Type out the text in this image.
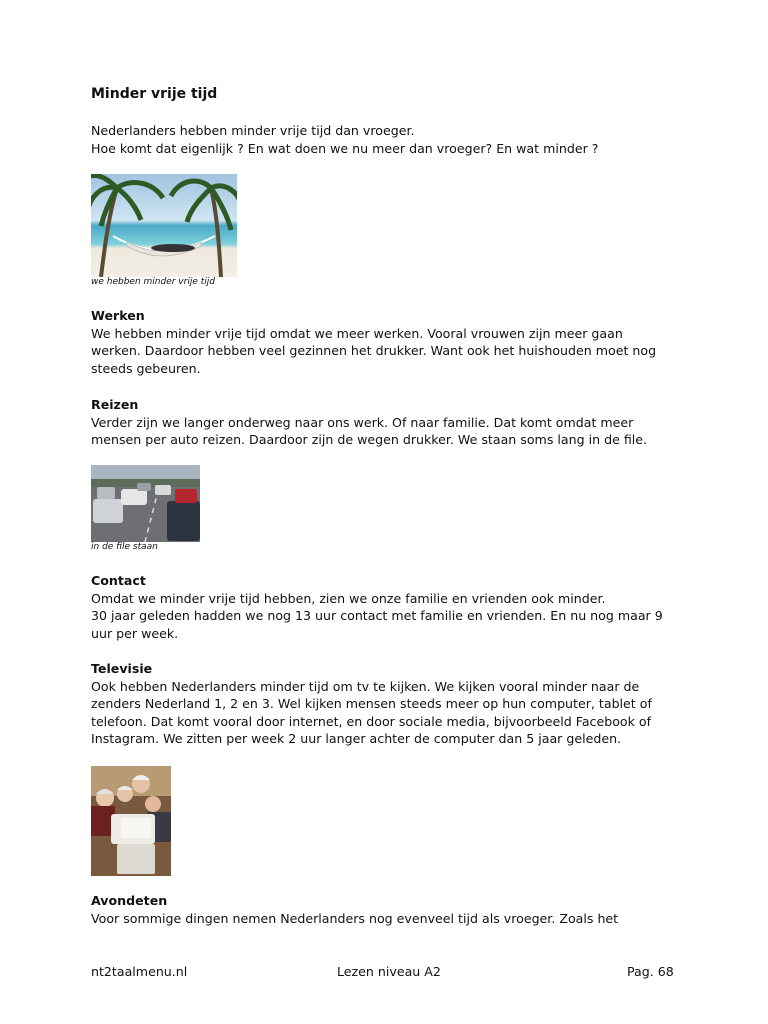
Minder vrije tijd
Nederlanders hebben minder vrije tijd dan vroeger.
Hoe komt dat eigenlijk ? En wat doen we nu meer dan vroeger? En wat minder ?
we hebben minder vrije tijd
Werken
We hebben minder vrije tijd omdat we meer werken. Vooral vrouwen zijn meer gaan
werken. Daardoor hebben veel gezinnen het drukker. Want ook het huishouden moet nog
steeds gebeuren.
Reizen
Verder zijn we langer onderweg naar ons werk. Of naar familie. Dat komt omdat meer
mensen per auto reizen. Daardoor zijn de wegen drukker. We staan soms lang in de file.
in de file staan
Contact
Omdat we minder vrije tijd hebben, zien we onze familie en vrienden ook minder.
30 jaar geleden hadden we nog 13 uur contact met familie en vrienden. En nu nog maar 9
uur per week.
Televisie
Ook hebben Nederlanders minder tijd om tv te kijken. We kijken vooral minder naar de
zenders Nederland 1, 2 en 3. Wel kijken mensen steeds meer op hun computer, tablet of
telefoon. Dat komt vooral door internet, en door sociale media, bijvoorbeeld Facebook of
Instagram. We zitten per week 2 uur langer achter de computer dan 5 jaar geleden.
Avondeten
Voor sommige dingen nemen Nederlanders nog evenveel tijd als vroeger. Zoals het
nt2taalmenu.nl	Lezen niveau A2	Pag. 68
